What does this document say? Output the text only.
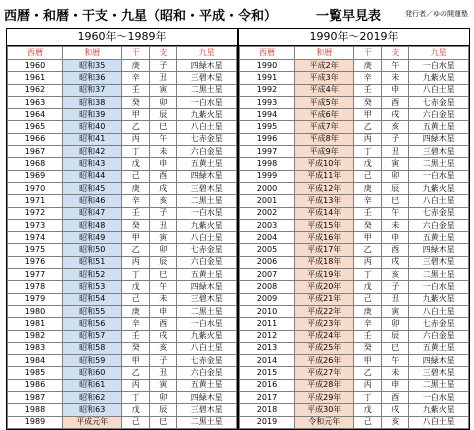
西暦・和暦・干支・九星（昭和・平成・令和）	一覧早見表	発行者／ゆの開運塾
1960年～1989年
西暦	和暦	干	支	九星
1960	昭和35	庚	子	四緑木星
1961	昭和36	辛	丑	三碧木星
1962	昭和37	壬	寅	二黒土星
1963	昭和38	癸	卯	一白水星
1964	昭和39	甲	辰	九紫火星
1965	昭和40	乙	巳	八白土星
1966	昭和41	丙	午	七赤金星
1967	昭和42	丁	未	六白金星
1968	昭和43	戊	申	五黄土星
1969	昭和44	己	酉	四緑木星
1970	昭和45	庚	戌	三碧木星
1971	昭和46	辛	亥	二黒土星
1972	昭和47	壬	子	一白水星
1973	昭和48	癸	丑	九紫火星
1974	昭和49	甲	寅	八白土星
1975	昭和50	乙	卯	七赤金星
1976	昭和51	丙	辰	六白金星
1977	昭和52	丁	巳	五黄土星
1978	昭和53	戊	午	四緑木星
1979	昭和54	己	未	三碧木星
1980	昭和55	庚	申	二黒土星
1981	昭和56	辛	酉	一白水星
1982	昭和57	壬	戌	九紫火星
1983	昭和58	癸	亥	八白土星
1984	昭和59	甲	子	七赤金星
1985	昭和60	乙	丑	六白金星
1986	昭和61	丙	寅	五黄土星
1987	昭和62	丁	卯	四緑木星
1988	昭和63	戊	辰	三碧木星
1989	平成元年	己	巳	二黒土星
1990年～2019年
西暦	和暦	干	支	九星
1990	平成2年	庚	午	一白水星
1991	平成3年	辛	未	九紫火星
1992	平成4年	壬	申	八白土星
1993	平成5年	癸	酉	七赤金星
1994	平成6年	甲	戌	六白金星
1995	平成7年	乙	亥	五黄土星
1996	平成8年	丙	子	四緑木星
1997	平成9年	丁	丑	三碧木星
1998	平成10年	戊	寅	二黒土星
1999	平成11年	己	卯	一白水星
2000	平成12年	庚	辰	九紫火星
2001	平成13年	辛	巳	八白土星
2002	平成14年	壬	午	七赤金星
2003	平成15年	癸	未	六白金星
2004	平成16年	甲	申	五黄土星
2005	平成17年	乙	酉	四緑木星
2006	平成18年	丙	戌	三碧木星
2007	平成19年	丁	亥	二黒土星
2008	平成20年	戊	子	一白水星
2009	平成21年	己	丑	九紫火星
2010	平成22年	庚	寅	八白土星
2011	平成23年	辛	卯	七赤金星
2012	平成24年	壬	辰	六白金星
2013	平成25年	癸	巳	五黄土星
2014	平成26年	甲	午	四緑木星
2015	平成27年	乙	未	三碧木星
2016	平成28年	丙	申	二黒土星
2017	平成29年	丁	酉	一白水星
2018	平成30年	戊	戌	九紫火星
2019	令和元年	己	亥	八白土星
